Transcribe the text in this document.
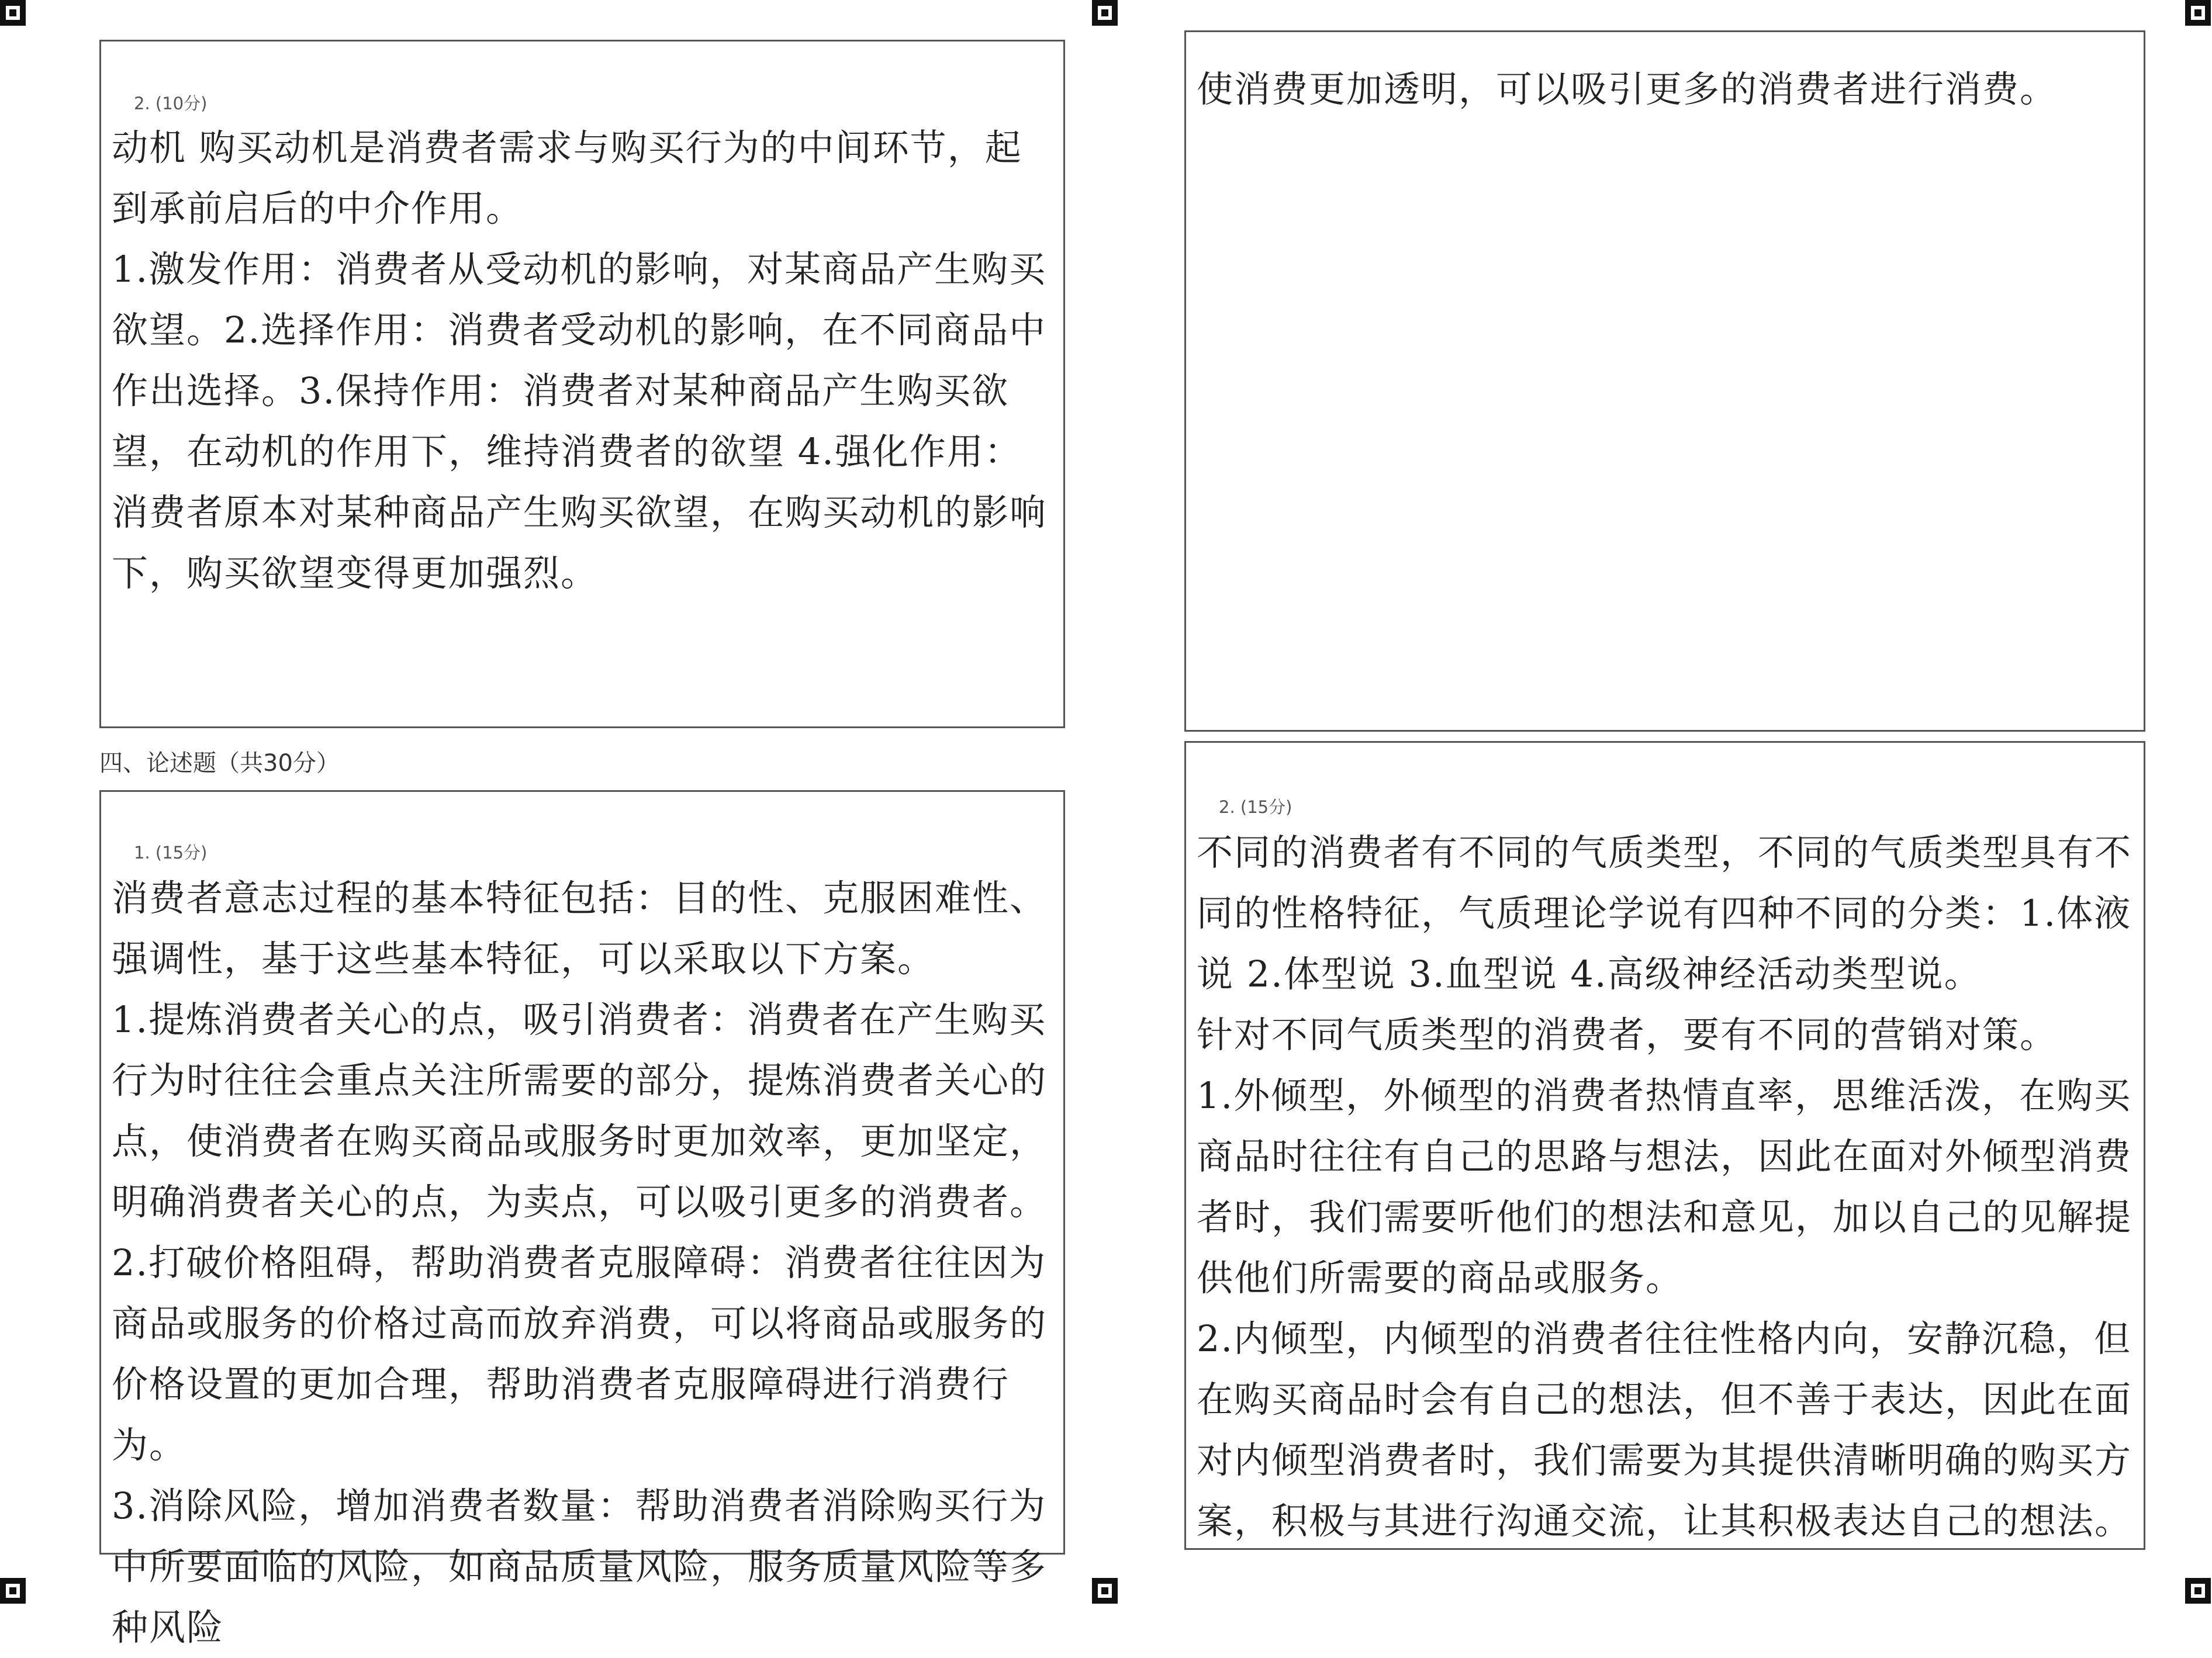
2. (10分)
动机 购买动机是消费者需求与购买行为的中间环节，起到承前启后的中介作用。
1.激发作用：消费者从受动机的影响，对某商品产生购买欲望。2.选择作用：消费者受动机的影响，在不同商品中作出选择。3.保持作用：消费者对某种商品产生购买欲望，在动机的作用下，维持消费者的欲望 4.强化作用：消费者原本对某种商品产生购买欲望，在购买动机的影响下，购买欲望变得更加强烈。
四、论述题（共30分）
1. (15分)
消费者意志过程的基本特征包括：目的性、克服困难性、强调性，基于这些基本特征，可以采取以下方案。
1.提炼消费者关心的点，吸引消费者：消费者在产生购买行为时往往会重点关注所需要的部分，提炼消费者关心的点，使消费者在购买商品或服务时更加效率，更加坚定，明确消费者关心的点，为卖点，可以吸引更多的消费者。
2.打破价格阻碍，帮助消费者克服障碍：消费者往往因为商品或服务的价格过高而放弃消费，可以将商品或服务的价格设置的更加合理，帮助消费者克服障碍进行消费行为。
3.消除风险，增加消费者数量：帮助消费者消除购买行为中所要面临的风险，如商品质量风险，服务质量风险等多种风险
使消费更加透明，可以吸引更多的消费者进行消费。
2. (15分)
不同的消费者有不同的气质类型，不同的气质类型具有不同的性格特征，气质理论学说有四种不同的分类：1.体液说 2.体型说 3.血型说 4.高级神经活动类型说。
针对不同气质类型的消费者，要有不同的营销对策。
1.外倾型，外倾型的消费者热情直率，思维活泼，在购买商品时往往有自己的思路与想法，因此在面对外倾型消费者时，我们需要听他们的想法和意见，加以自己的见解提供他们所需要的商品或服务。
2.内倾型，内倾型的消费者往往性格内向，安静沉稳，但在购买商品时会有自己的想法，但不善于表达，因此在面对内倾型消费者时，我们需要为其提供清晰明确的购买方案，积极与其进行沟通交流，让其积极表达自己的想法。
